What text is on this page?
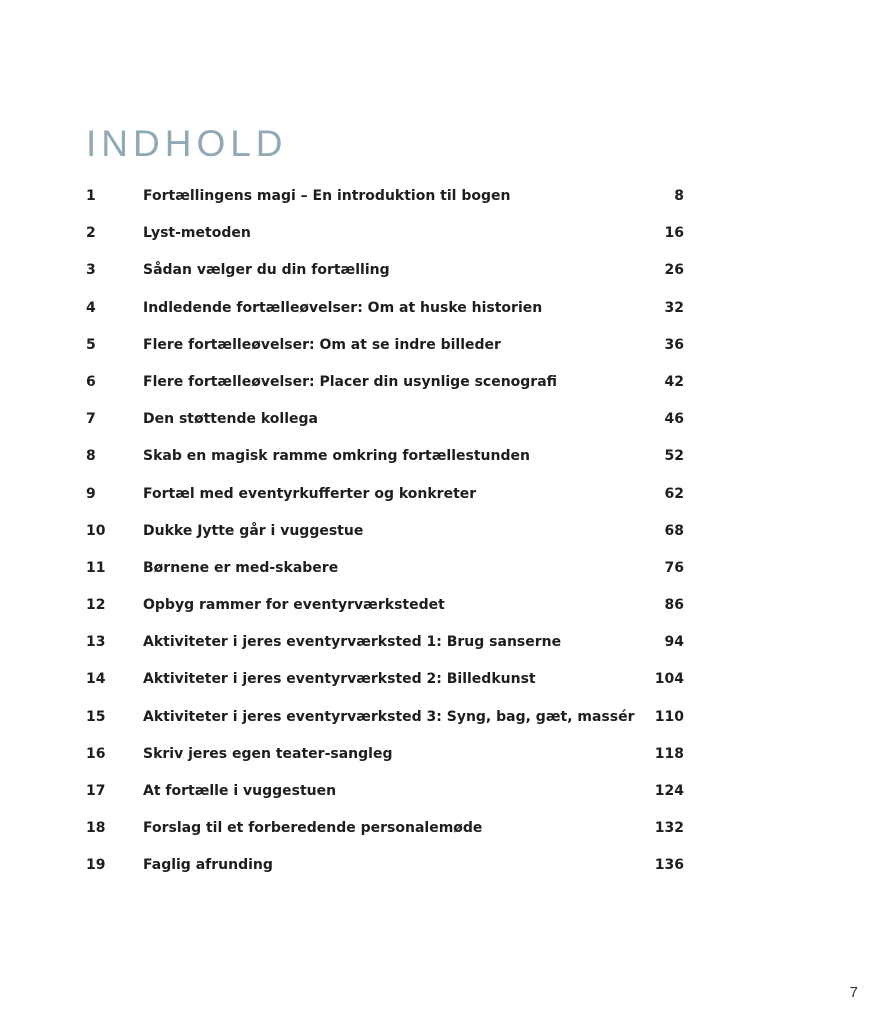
INDHOLD
1	Fortællingens magi – En introduktion til bogen	8
2	Lyst-metoden	16
3	Sådan vælger du din fortælling	26
4	Indledende fortælleøvelser: Om at huske historien	32
5	Flere fortælleøvelser: Om at se indre billeder	36
6	Flere fortælleøvelser: Placer din usynlige scenografi	42
7	Den støttende kollega	46
8	Skab en magisk ramme omkring fortællestunden	52
9	Fortæl med eventyrkufferter og konkreter	62
10	Dukke Jytte går i vuggestue	68
11	Børnene er med-skabere	76
12	Opbyg rammer for eventyrværkstedet	86
13	Aktiviteter i jeres eventyrværksted 1: Brug sanserne	94
14	Aktiviteter i jeres eventyrværksted 2: Billedkunst	104
15	Aktiviteter i jeres eventyrværksted 3: Syng, bag, gæt, massér	110
16	Skriv jeres egen teater-sangleg	118
17	At fortælle i vuggestuen	124
18	Forslag til et forberedende personalemøde	132
19	Faglig afrunding	136
7
